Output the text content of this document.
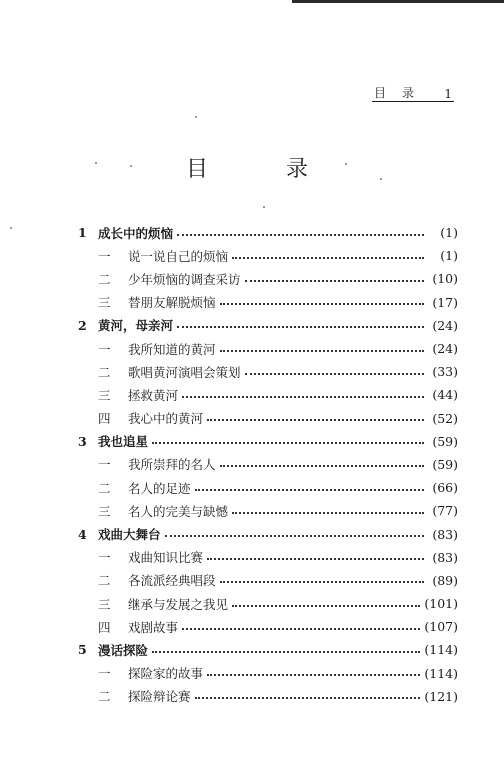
目　录 1
目　录
1 成长中的烦恼	(1)
一	说一说自己的烦恼	(1)
二	少年烦恼的调查采访	(10)
三	替朋友解脱烦恼	(17)
2 黄河，母亲河	(24)
一	我所知道的黄河	(24)
二	歌唱黄河演唱会策划	(33)
三	拯救黄河	(44)
四	我心中的黄河	(52)
3 我也追星	(59)
一	我所崇拜的名人	(59)
二	名人的足迹	(66)
三	名人的完美与缺憾	(77)
4 戏曲大舞台	(83)
一	戏曲知识比赛	(83)
二	各流派经典唱段	(89)
三	继承与发展之我见	(101)
四	戏剧故事	(107)
5 漫话探险	(114)
一	探险家的故事	(114)
二	探险辩论赛	(121)
